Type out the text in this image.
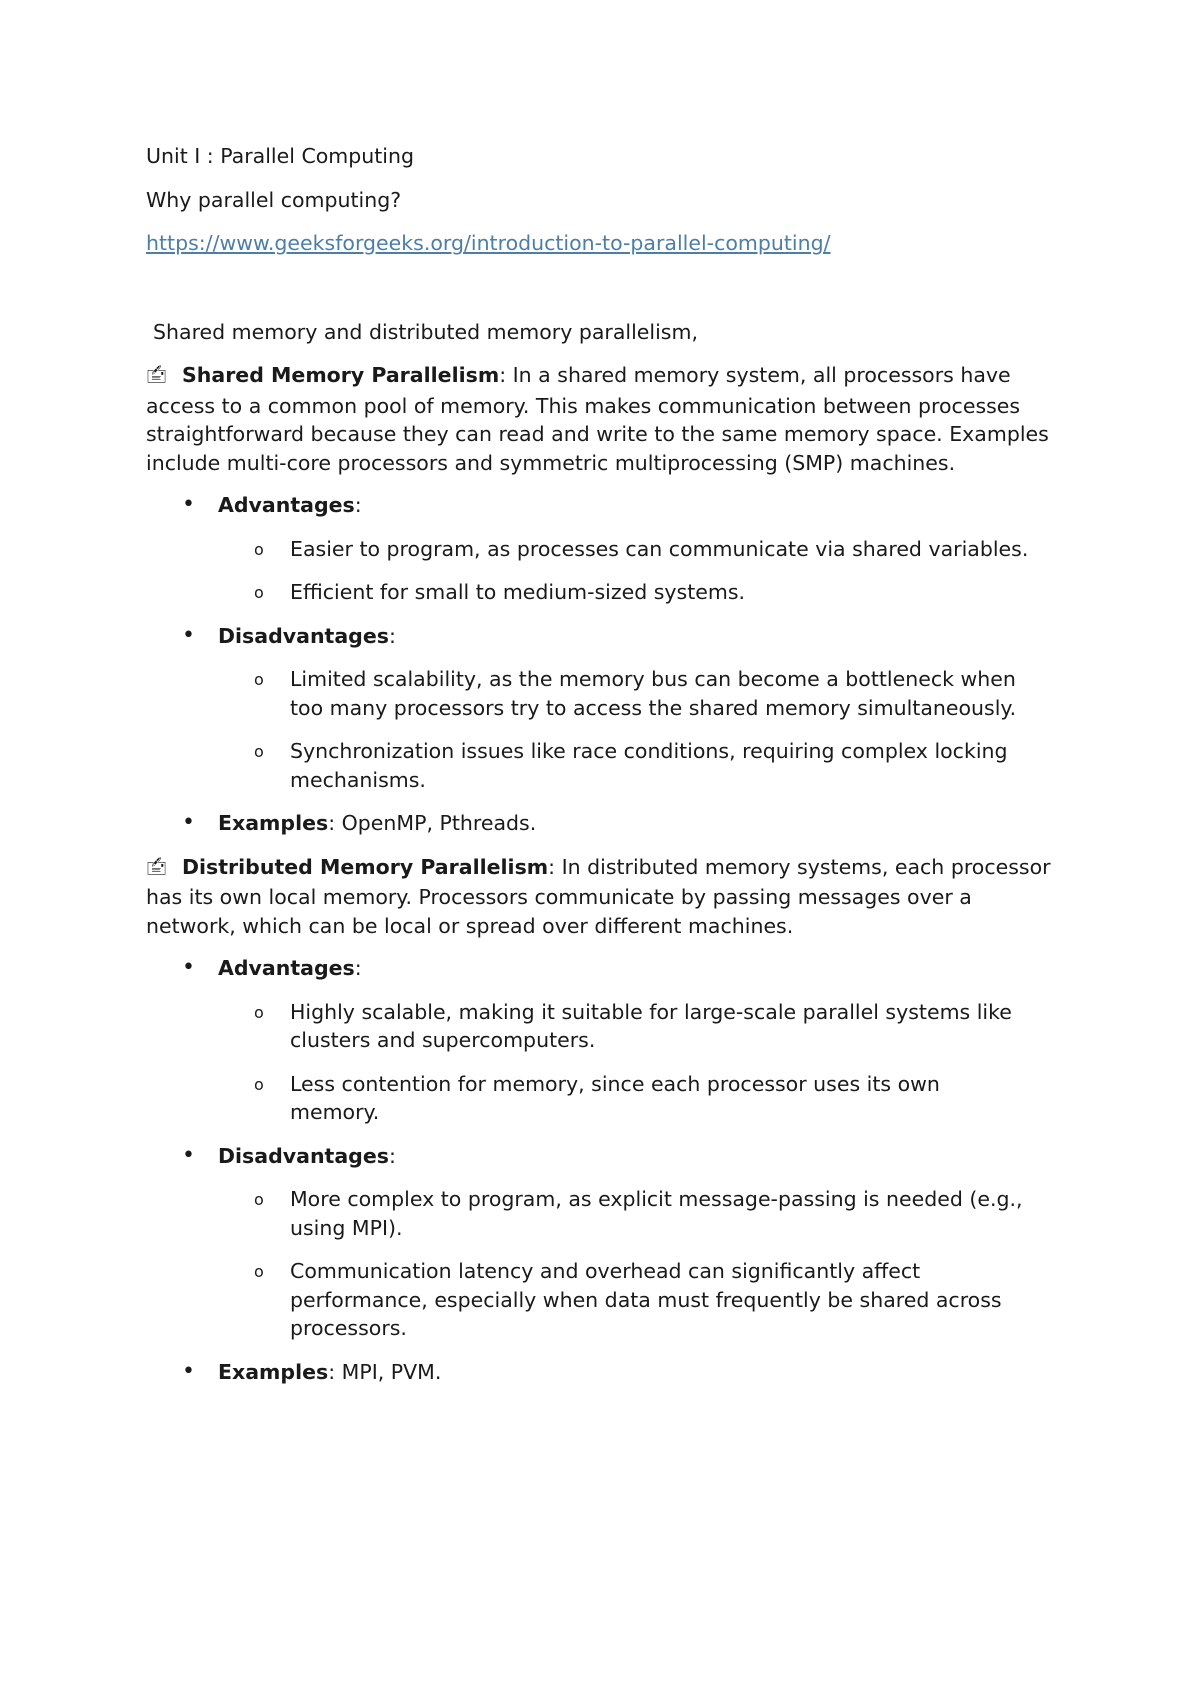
Unit I : Parallel Computing

Why parallel computing?

https://www.geeksforgeeks.org/introduction-to-parallel-computing/

Shared memory and distributed memory parallelism,

🖆 Shared Memory Parallelism: In a shared memory system, all processors have access to a common pool of memory. This makes communication between processes straightforward because they can read and write to the same memory space. Examples include multi-core processors and symmetric multiprocessing (SMP) machines.

• Advantages:
o Easier to program, as processes can communicate via shared variables.
o Efficient for small to medium-sized systems.
• Disadvantages:
o Limited scalability, as the memory bus can become a bottleneck when too many processors try to access the shared memory simultaneously.
o Synchronization issues like race conditions, requiring complex locking mechanisms.
• Examples: OpenMP, Pthreads.

🖆 Distributed Memory Parallelism: In distributed memory systems, each processor has its own local memory. Processors communicate by passing messages over a network, which can be local or spread over different machines.

• Advantages:
o Highly scalable, making it suitable for large-scale parallel systems like clusters and supercomputers.
o Less contention for memory, since each processor uses its own memory.
• Disadvantages:
o More complex to program, as explicit message-passing is needed (e.g., using MPI).
o Communication latency and overhead can significantly affect performance, especially when data must frequently be shared across processors.
• Examples: MPI, PVM.
